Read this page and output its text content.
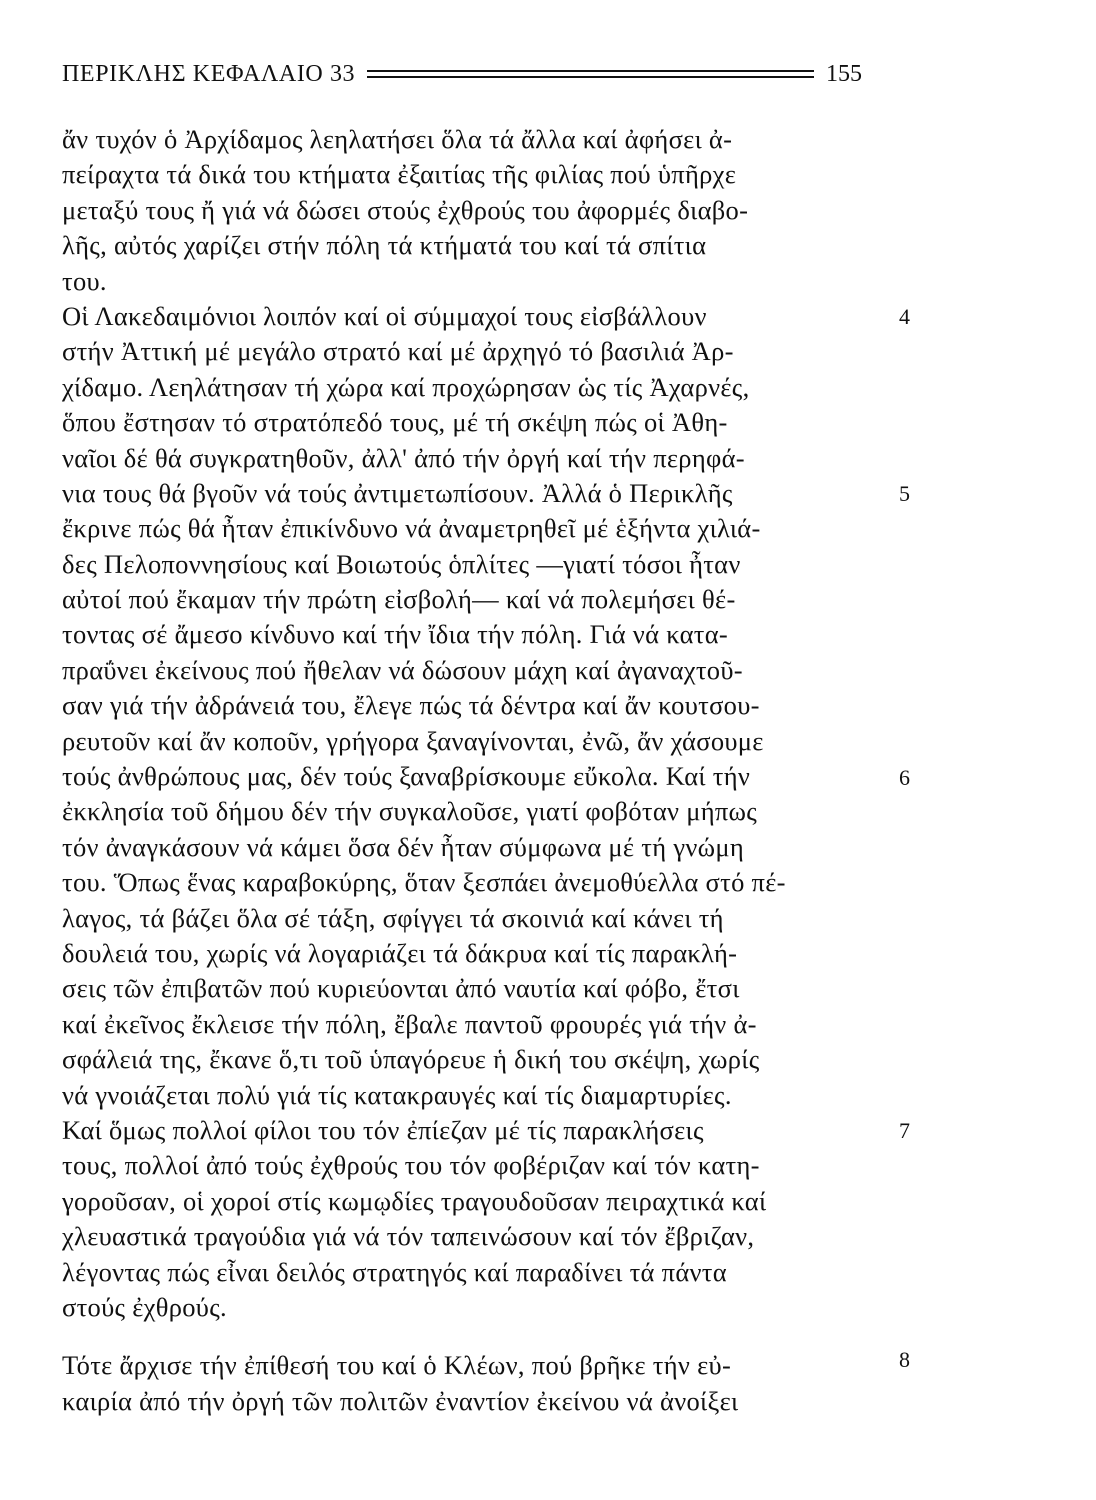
ΠΕΡΙΚΛΗΣ ΚΕΦΑΛΑΙΟ 33	155
ἄν τυχόν ὁ Ἀρχίδαμος λεηλατήσει ὅλα τά ἄλλα καί ἀφήσει ἀ-
πείραχτα τά δικά του κτήματα ἐξαιτίας τῆς φιλίας πού ὑπῆρχε
μεταξύ τους ἤ γιά νά δώσει στούς ἐχθρούς του ἀφορμές διαβο-
λῆς, αὐτός χαρίζει στήν πόλη τά κτήματά του καί τά σπίτια
του.
Οἱ Λακεδαιμόνιοι λοιπόν καί οἱ σύμμαχοί τους εἰσβάλλουν
στήν Ἀττική μέ μεγάλο στρατό καί μέ ἀρχηγό τό βασιλιά Ἀρ-
χίδαμο. Λεηλάτησαν τή χώρα καί προχώρησαν ὡς τίς Ἀχαρνές,
ὅπου ἔστησαν τό στρατόπεδό τους, μέ τή σκέψη πώς οἱ Ἀθη-
ναῖοι δέ θά συγκρατηθοῦν, ἀλλ' ἀπό τήν ὀργή καί τήν περηφά-
νια τους θά βγοῦν νά τούς ἀντιμετωπίσουν. Ἀλλά ὁ Περικλῆς
ἔκρινε πώς θά ἦταν ἐπικίνδυνο νά ἀναμετρηθεῖ μέ ἑξήντα χιλιά-
δες Πελοποννησίους καί Βοιωτούς ὁπλίτες —γιατί τόσοι ἦταν
αὐτοί πού ἔκαμαν τήν πρώτη εἰσβολή— καί νά πολεμήσει θέ-
τοντας σέ ἄμεσο κίνδυνο καί τήν ἴδια τήν πόλη. Γιά νά κατα-
πραΰνει ἐκείνους πού ἤθελαν νά δώσουν μάχη καί ἀγαναχτοῦ-
σαν γιά τήν ἀδράνειά του, ἔλεγε πώς τά δέντρα καί ἄν κουτσου-
ρευτοῦν καί ἄν κοποῦν, γρήγορα ξαναγίνονται, ἐνῶ, ἄν χάσουμε
τούς ἀνθρώπους μας, δέν τούς ξαναβρίσκουμε εὔκολα. Καί τήν
ἐκκλησία τοῦ δήμου δέν τήν συγκαλοῦσε, γιατί φοβόταν μήπως
τόν ἀναγκάσουν νά κάμει ὅσα δέν ἦταν σύμφωνα μέ τή γνώμη
του. Ὅπως ἕνας καραβοκύρης, ὅταν ξεσπάει ἀνεμοθύελλα στό πέ-
λαγος, τά βάζει ὅλα σέ τάξη, σφίγγει τά σκοινιά καί κάνει τή
δουλειά του, χωρίς νά λογαριάζει τά δάκρυα καί τίς παρακλή-
σεις τῶν ἐπιβατῶν πού κυριεύονται ἀπό ναυτία καί φόβο, ἔτσι
καί ἐκεῖνος ἔκλεισε τήν πόλη, ἔβαλε παντοῦ φρουρές γιά τήν ἀ-
σφάλειά της, ἔκανε ὅ,τι τοῦ ὑπαγόρευε ἡ δική του σκέψη, χωρίς
νά γνοιάζεται πολύ γιά τίς κατακραυγές καί τίς διαμαρτυρίες.
Καί ὅμως πολλοί φίλοι του τόν ἐπίεζαν μέ τίς παρακλήσεις
τους, πολλοί ἀπό τούς ἐχθρούς του τόν φοβέριζαν καί τόν κατη-
γοροῦσαν, οἱ χοροί στίς κωμῳδίες τραγουδοῦσαν πειραχτικά καί
χλευαστικά τραγούδια γιά νά τόν ταπεινώσουν καί τόν ἔβριζαν,
λέγοντας πώς εἶναι δειλός στρατηγός καί παραδίνει τά πάντα
στούς ἐχθρούς.
Τότε ἄρχισε τήν ἐπίθεσή του καί ὁ Κλέων, πού βρῆκε τήν εὐ-
καιρία ἀπό τήν ὀργή τῶν πολιτῶν ἐναντίον ἐκείνου νά ἀνοίξει
4
5
6
7
8
